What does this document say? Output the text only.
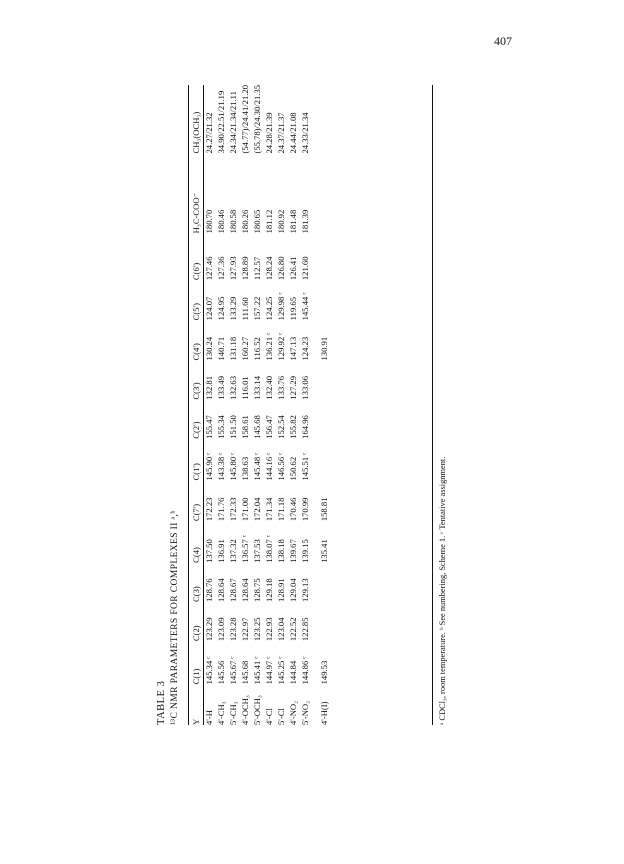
407
TABLE 3 ¹³C NMR PARAMETERS FOR COMPLEXES II ᵃ,ᵇ Y	C(1)	C(2)	C(3)	C(4)	C(7')	C(1')	C(2')	C(3')	C(4')	C(5')	C(6')	H₃C-COO⁻	CH₃(OCH₃)
4'-H	145.34 ᶜ	123.29	128.76	137.50	172.23	145.90 ᶜ	155.47	132.81	130.24	124.07	127.46	180.70	24.27/21.32
4'-CH₃	145.56	123.09	128.64	136.91	171.76	143.38 ᶜ	155.34	133.49	140.71	124.95	127.36	180.46	34.90/22.51/21.19
5'-CH₃	145.67 ᶜ	123.28	128.67	137.32	172.33	145.80 ᶜ	151.50	132.63	131.18	133.29	127.93	180.58	24.34/21.34/21.11
4'-OCH₃	145.68	122.97	128.64	136.57 ᶜ	171.00	138.63	158.61	116.01	160.27	111.60	128.89	180.26	(54.77)/24.41/21.20
5'-OCH₃	145.41 ᶜ	123.25	128.75	137.53	172.04	145.48 ᶜ	145.68	133.14	116.52	157.22	112.57	180.65	(55.78)/24.30/21.35
4'-Cl	144.97 ᶜ	122.93	129.18	138.07 ᶜ	171.34	144.16 ᶜ	156.47	132.40	136.21 ᶜ	124.25	128.24	181.12	24.28/21.39
5'-Cl	145.25 ᶜ	123.04	128.91	138.18	171.18	146.56 ᶜ	152.54	133.76	129.92 ᶜ	129.98 ᶜ	126.80	180.92	24.37/21.37
4'-NO₂	144.84	122.52	129.04	139.67	170.46	150.62	155.82	127.29	147.13	119.65	126.41	181.48	24.44/21.08
5'-NO₂	144.86 ᶜ	122.85	129.13	139.15	170.99	145.51 ᶜ	164.96	133.06	124.23	145.44 ᶜ	121.60	181.39	24.33/21.34

4'-H(I)	149.53			135.41	158.81				130.91				
ᵃ CDCl₃, room temperature. ᵇ See numbering, Scheme 1. ᶜ Tentative assignment.
